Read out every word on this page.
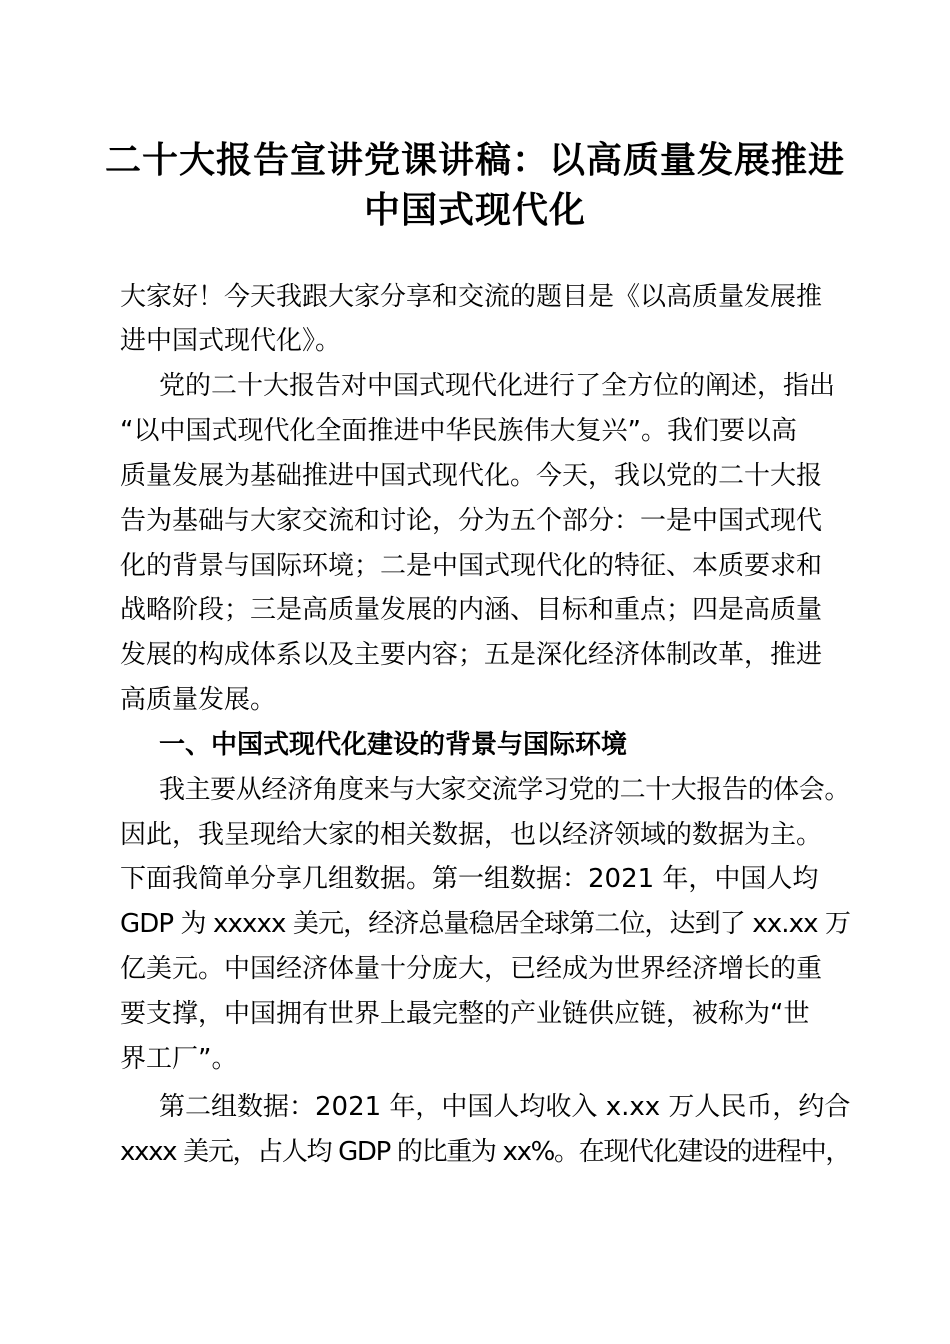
二十大报告宣讲党课讲稿：以高质量发展推进
中国式现代化
大家好！今天我跟大家分享和交流的题目是《以高质量发展推
进中国式现代化》。
党的二十大报告对中国式现代化进行了全方位的阐述，指出
“以中国式现代化全面推进中华民族伟大复兴”。我们要以高
质量发展为基础推进中国式现代化。今天，我以党的二十大报
告为基础与大家交流和讨论，分为五个部分：一是中国式现代
化的背景与国际环境；二是中国式现代化的特征、本质要求和
战略阶段；三是高质量发展的内涵、目标和重点；四是高质量
发展的构成体系以及主要内容；五是深化经济体制改革，推进
高质量发展。
一、中国式现代化建设的背景与国际环境
我主要从经济角度来与大家交流学习党的二十大报告的体会。
因此，我呈现给大家的相关数据，也以经济领域的数据为主。
下面我简单分享几组数据。第一组数据：2021 年，中国人均
GDP 为 xxxxx 美元，经济总量稳居全球第二位，达到了 xx.xx 万
亿美元。中国经济体量十分庞大，已经成为世界经济增长的重
要支撑，中国拥有世界上最完整的产业链供应链，被称为“世
界工厂”。
第二组数据：2021 年，中国人均收入 x.xx 万人民币，约合
xxxx 美元，占人均 GDP 的比重为 xx%。在现代化建设的进程中，
